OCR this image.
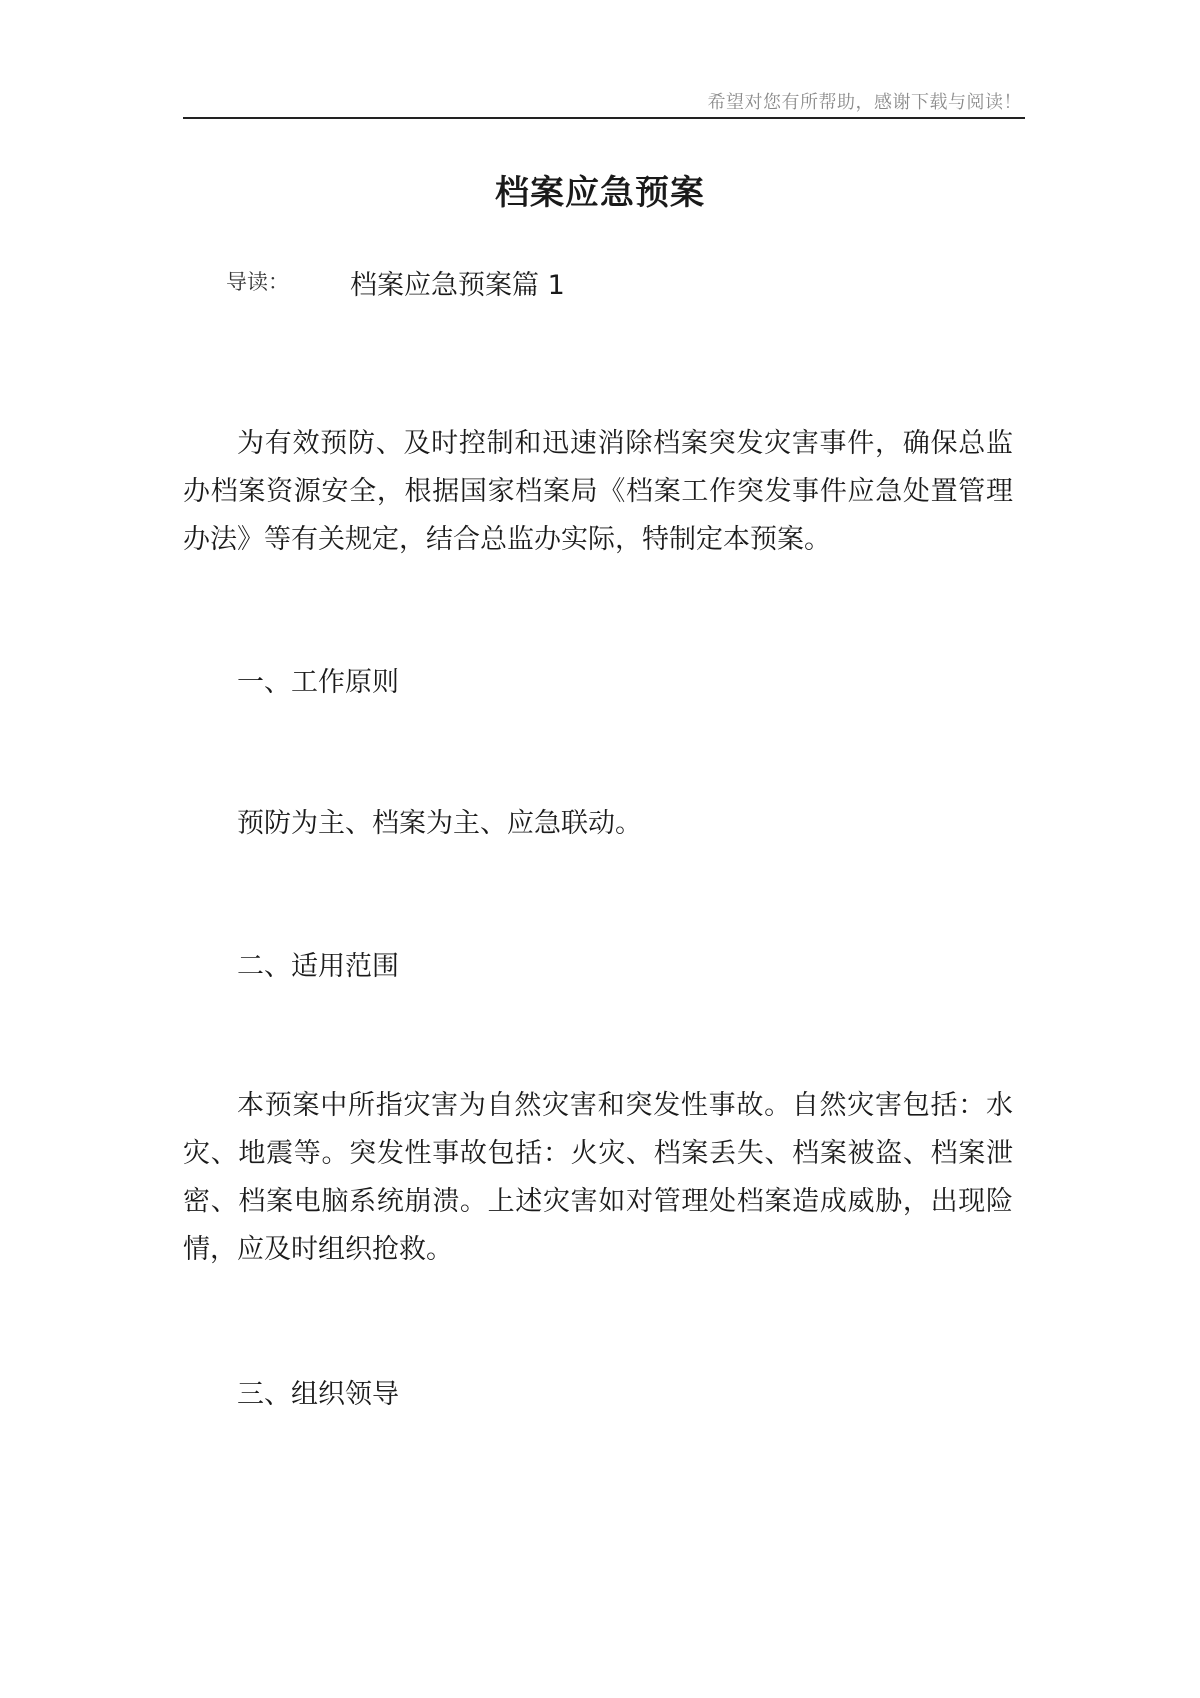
希望对您有所帮助，感谢下载与阅读！
档案应急预案
导读： 档案应急预案篇 1

为有效预防、及时控制和迅速消除档案突发灾害事件，确保总监办档案资源安全，根据国家档案局《档案工作突发事件应急处置管理办法》等有关规定，结合总监办实际，特制定本预案。

一、工作原则

预防为主、档案为主、应急联动。

二、适用范围

本预案中所指灾害为自然灾害和突发性事故。自然灾害包括：水灾、地震等。突发性事故包括：火灾、档案丢失、档案被盗、档案泄密、档案电脑系统崩溃。上述灾害如对管理处档案造成威胁，出现险情，应及时组织抢救。

三、组织领导
